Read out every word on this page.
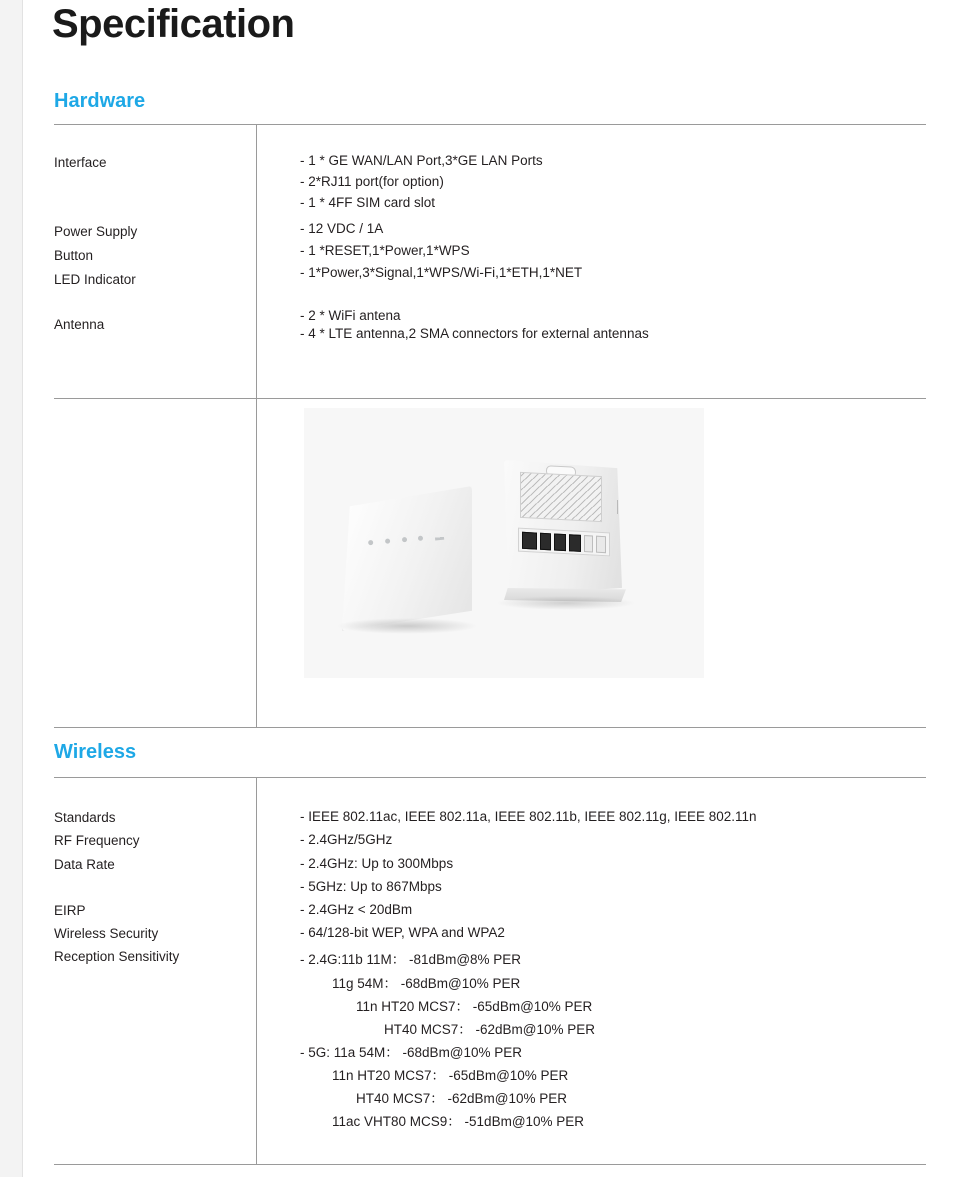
Specification
Hardware
Interface	- 1 * GE WAN/LAN Port,3*GE LAN Ports
- 2*RJ11 port(for option)
- 1 * 4FF SIM card slot
Power Supply	- 12 VDC / 1A
Button	- 1 *RESET,1*Power,1*WPS
LED Indicator	- 1*Power,3*Signal,1*WPS/Wi-Fi,1*ETH,1*NET
Antenna
- 2 * WiFi antena
- 4 * LTE antenna,2 SMA connectors for external antennas
Wireless
Standards	- IEEE 802.11ac, IEEE 802.11a, IEEE 802.11b, IEEE 802.11g, IEEE 802.11n
RF Frequency	- 2.4GHz/5GHz
Data Rate	- 2.4GHz: Up to 300Mbps
- 5GHz: Up to 867Mbps
EIRP	- 2.4GHz < 20dBm
Wireless Security	- 64/128-bit WEP, WPA and WPA2
Reception Sensitivity	- 2.4G:11b 11M： -81dBm@8% PER
11g 54M： -68dBm@10% PER
11n HT20 MCS7： -65dBm@10% PER
HT40 MCS7： -62dBm@10% PER
- 5G: 11a 54M： -68dBm@10% PER
11n HT20 MCS7： -65dBm@10% PER
HT40 MCS7： -62dBm@10% PER
11ac VHT80 MCS9： -51dBm@10% PER
